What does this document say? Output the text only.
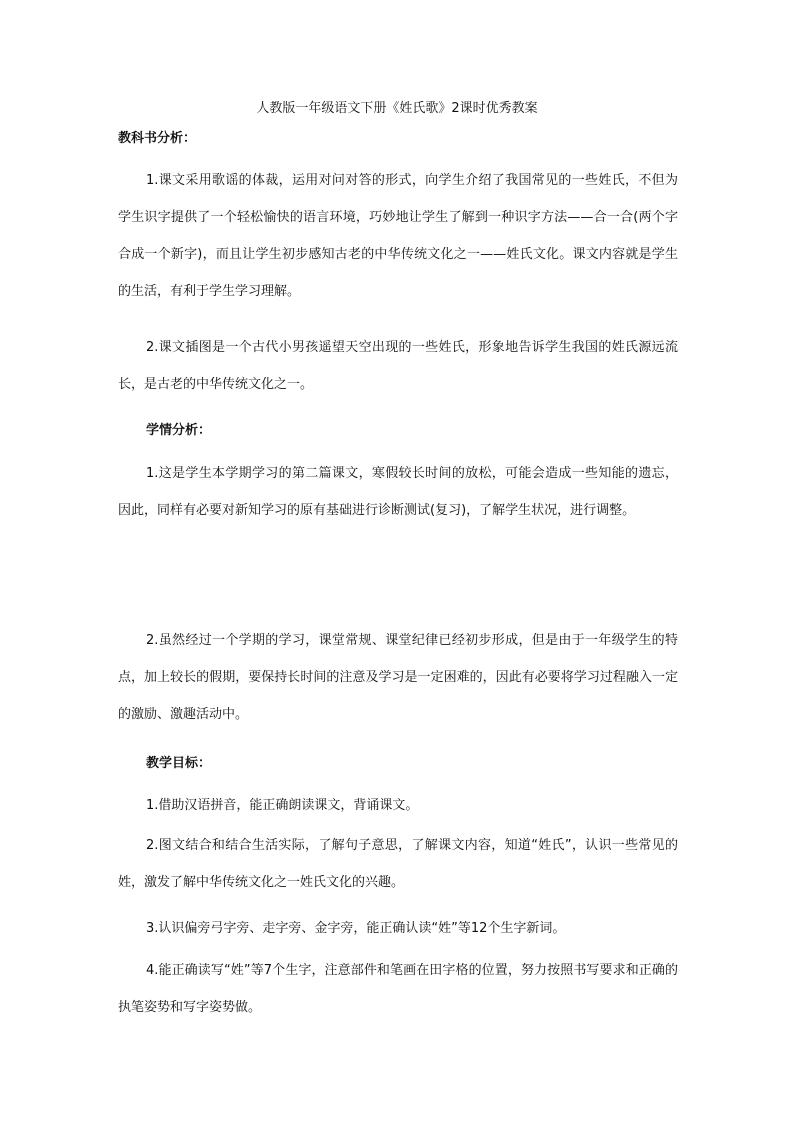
人教版一年级语文下册《姓氏歌》2课时优秀教案
教科书分析：

1.课文采用歌谣的体裁，运用对问对答的形式，向学生介绍了我国常见的一些姓氏，不但为学生识字提供了一个轻松愉快的语言环境，巧妙地让学生了解到一种识字方法——合一合(两个字合成一个新字)，而且让学生初步感知古老的中华传统文化之一——姓氏文化。课文内容就是学生的生活，有利于学生学习理解。

2.课文插图是一个古代小男孩遥望天空出现的一些姓氏，形象地告诉学生我国的姓氏源远流长，是古老的中华传统文化之一。

学情分析：

1.这是学生本学期学习的第二篇课文，寒假较长时间的放松，可能会造成一些知能的遗忘，因此，同样有必要对新知学习的原有基础进行诊断测试(复习)，了解学生状况，进行调整。

2.虽然经过一个学期的学习，课堂常规、课堂纪律已经初步形成，但是由于一年级学生的特点，加上较长的假期，要保持长时间的注意及学习是一定困难的，因此有必要将学习过程融入一定的激励、激趣活动中。

教学目标：

1.借助汉语拼音，能正确朗读课文，背诵课文。

2.图文结合和结合生活实际，了解句子意思，了解课文内容，知道“姓氏”，认识一些常见的姓，激发了解中华传统文化之一姓氏文化的兴趣。

3.认识偏旁弓字旁、走字旁、金字旁，能正确认读“姓”等12个生字新词。

4.能正确读写“姓”等7个生字，注意部件和笔画在田字格的位置，努力按照书写要求和正确的执笔姿势和写字姿势做。
